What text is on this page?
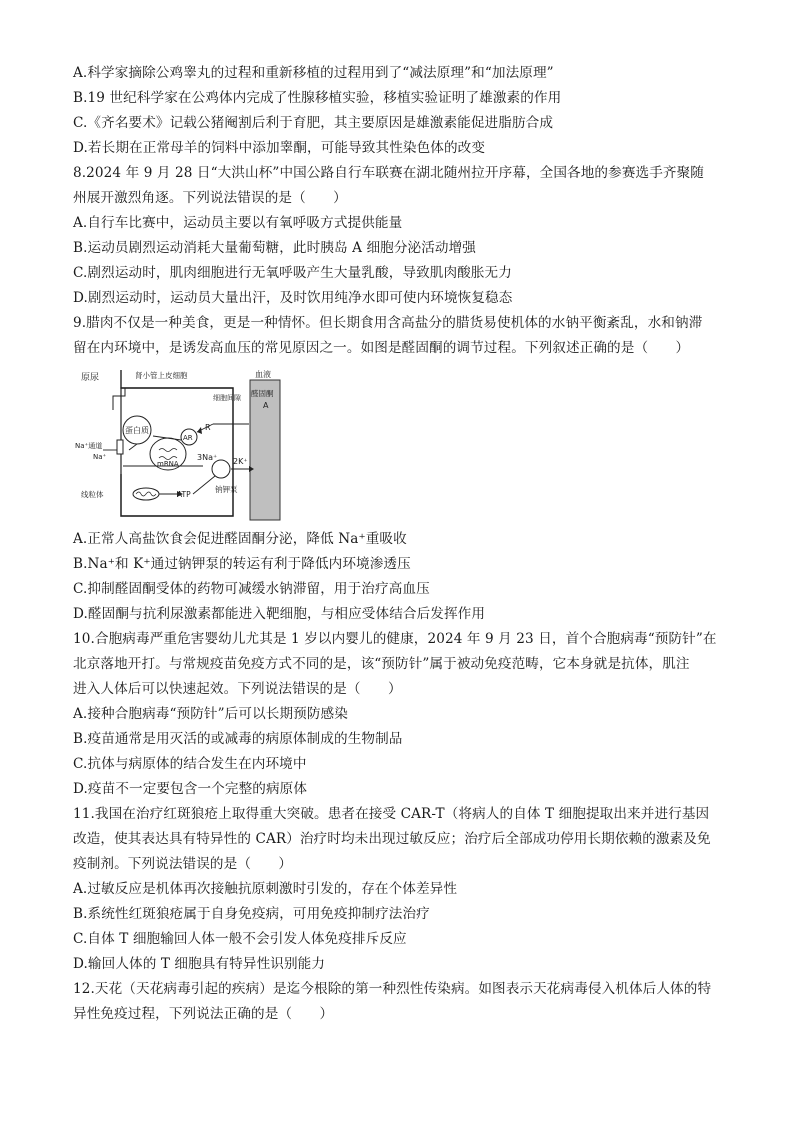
A.科学家摘除公鸡睾丸的过程和重新移植的过程用到了“减法原理”和“加法原理”
B.19 世纪科学家在公鸡体内完成了性腺移植实验，移植实验证明了雄激素的作用
C.《齐名要术》记载公猪阉割后利于育肥，其主要原因是雄激素能促进脂肪合成
D.若长期在正常母羊的饲料中添加睾酮，可能导致其性染色体的改变
8.2024 年 9 月 28 日“大洪山杯”中国公路自行车联赛在湖北随州拉开序幕，全国各地的参赛选手齐聚随
州展开激烈角逐。下列说法错误的是（　　）
A.自行车比赛中，运动员主要以有氧呼吸方式提供能量
B.运动员剧烈运动消耗大量葡萄糖，此时胰岛 A 细胞分泌活动增强
C.剧烈运动时，肌肉细胞进行无氧呼吸产生大量乳酸，导致肌肉酸胀无力
D.剧烈运动时，运动员大量出汗，及时饮用纯净水即可使内环境恢复稳态
9.腊肉不仅是一种美食，更是一种情怀。但长期食用含高盐分的腊货易使机体的水钠平衡紊乱，水和钠滞
留在内环境中，是诱发高血压的常见原因之一。如图是醛固酮的调节过程。下列叙述正确的是（　　）
原尿	肾小管上皮细胞	血液
醛固酮
A
细胞间隙
R
蛋白质
AR
mRNA
3Na⁺ 2K⁺
钠钾泵
Na⁺通道
Na⁺
线粒体	ATP
A.正常人高盐饮食会促进醛固酮分泌，降低 Na⁺重吸收
B.Na⁺和 K⁺通过钠钾泵的转运有利于降低内环境渗透压
C.抑制醛固酮受体的药物可减缓水钠滞留，用于治疗高血压
D.醛固酮与抗利尿激素都能进入靶细胞，与相应受体结合后发挥作用
10.合胞病毒严重危害婴幼儿尤其是 1 岁以内婴儿的健康，2024 年 9 月 23 日，首个合胞病毒“预防针”在
北京落地开打。与常规疫苗免疫方式不同的是，该“预防针”属于被动免疫范畴，它本身就是抗体，肌注
进入人体后可以快速起效。下列说法错误的是（　　）
A.接种合胞病毒“预防针”后可以长期预防感染
B.疫苗通常是用灭活的或减毒的病原体制成的生物制品
C.抗体与病原体的结合发生在内环境中
D.疫苗不一定要包含一个完整的病原体
11.我国在治疗红斑狼疮上取得重大突破。患者在接受 CAR-T（将病人的自体 T 细胞提取出来并进行基因
改造，使其表达具有特异性的 CAR）治疗时均未出现过敏反应；治疗后全部成功停用长期依赖的激素及免
疫制剂。下列说法错误的是（　　）
A.过敏反应是机体再次接触抗原刺激时引发的，存在个体差异性
B.系统性红斑狼疮属于自身免疫病，可用免疫抑制疗法治疗
C.自体 T 细胞输回人体一般不会引发人体免疫排斥反应
D.输回人体的 T 细胞具有特异性识别能力
12.天花（天花病毒引起的疾病）是迄今根除的第一种烈性传染病。如图表示天花病毒侵入机体后人体的特
异性免疫过程，下列说法正确的是（　　）
